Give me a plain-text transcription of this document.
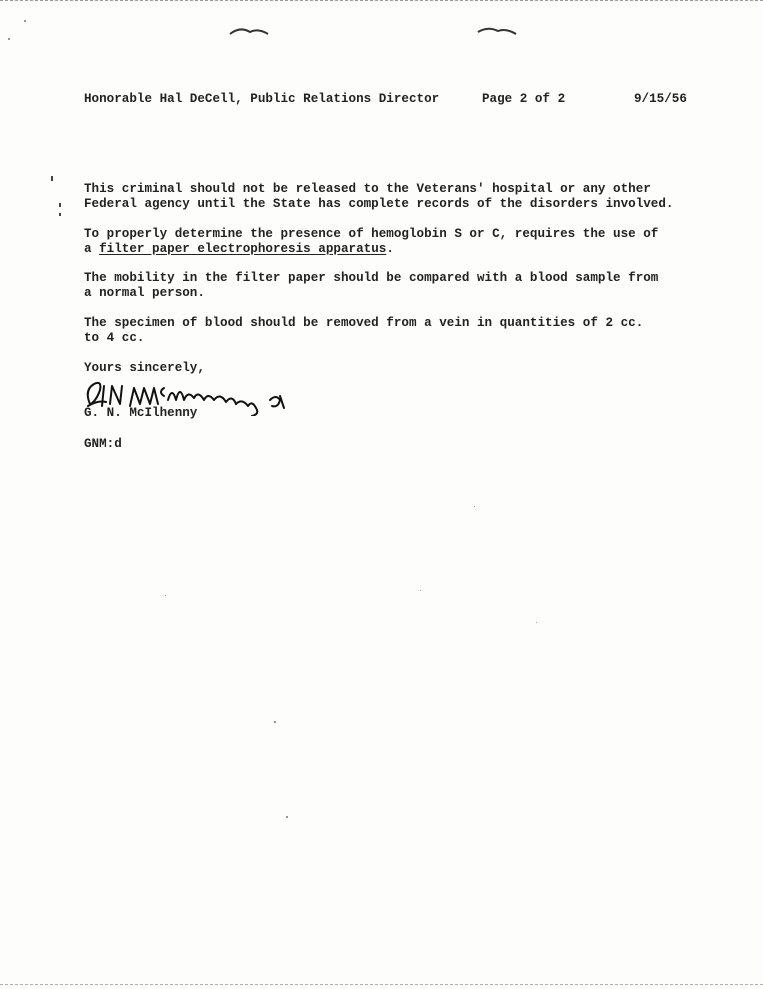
Honorable Hal DeCell, Public Relations Director	Page 2 of 2	9/15/56
This criminal should not be released to the Veterans' hospital or any other
Federal agency until the State has complete records of the disorders involved.
To properly determine the presence of hemoglobin S or C, requires the use of
a filter paper electrophoresis apparatus.
The mobility in the filter paper should be compared with a blood sample from
a normal person.
The specimen of blood should be removed from a vein in quantities of 2 cc.
to 4 cc.
Yours sincerely,
G. N. McIlhenny
GNM:d
